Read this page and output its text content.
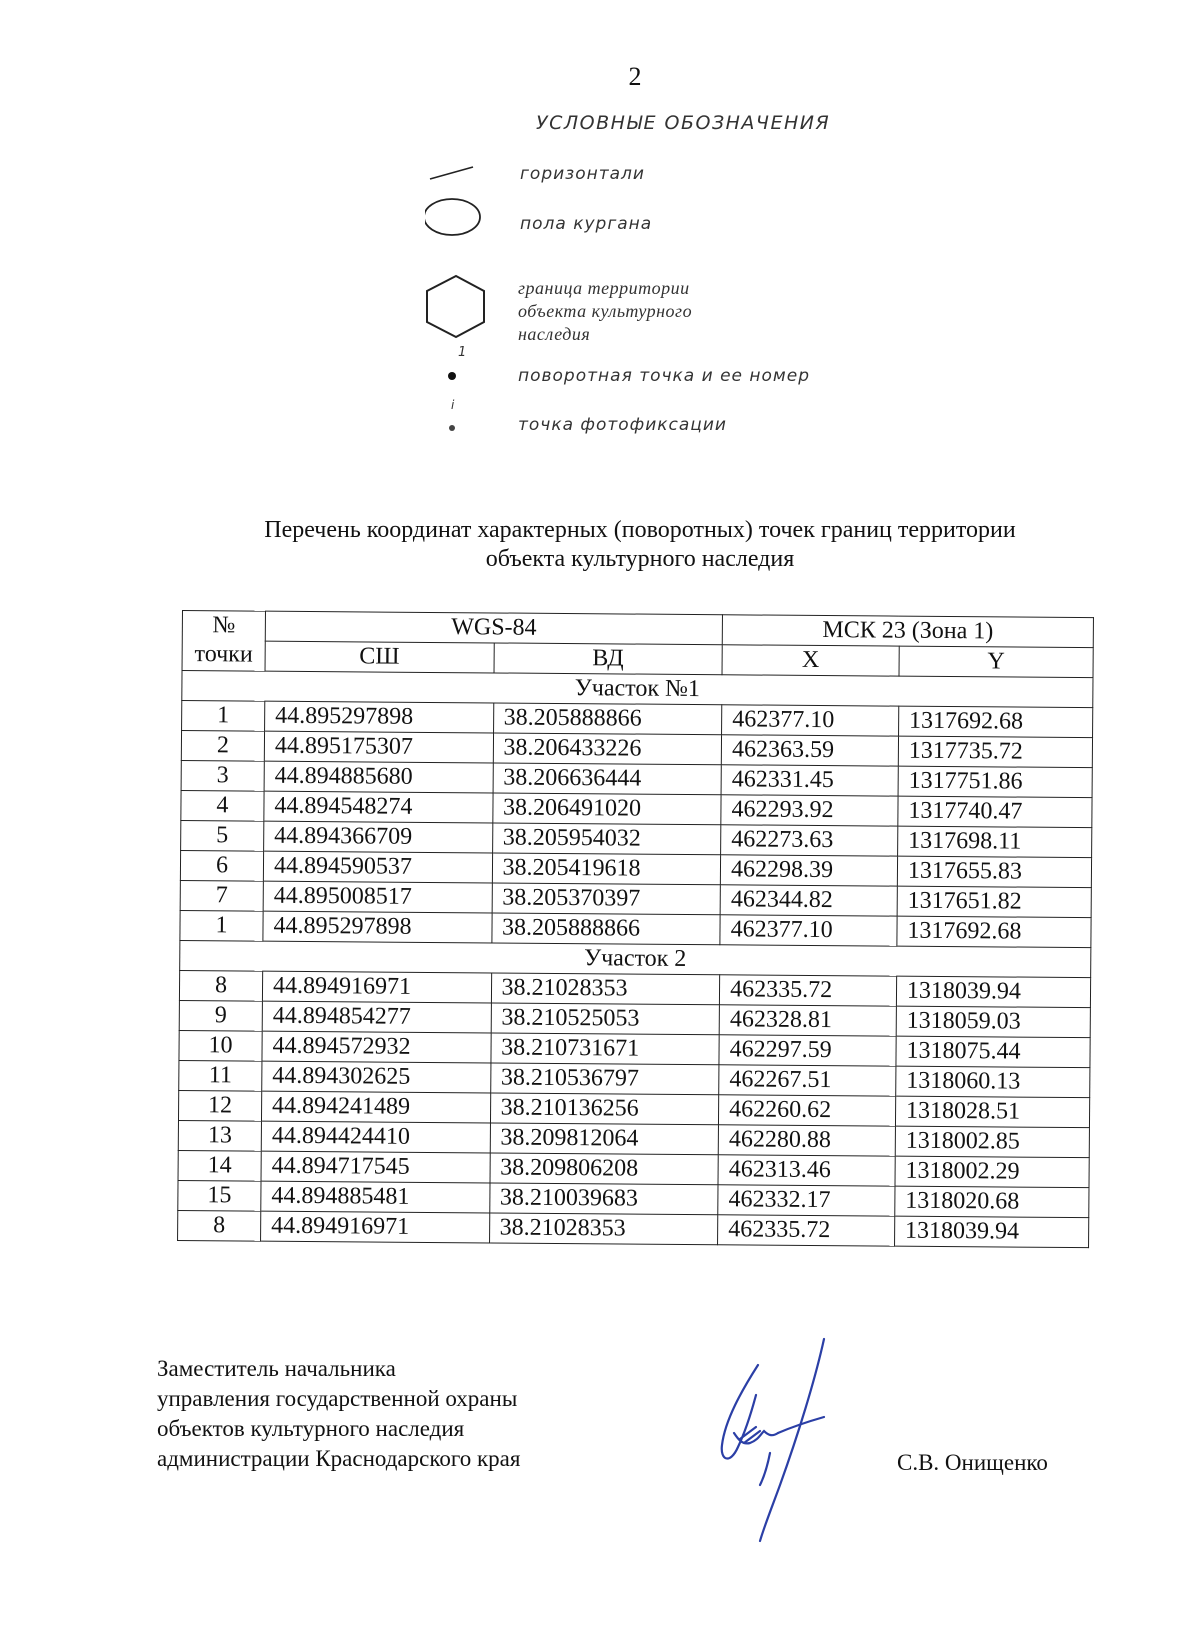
2
УСЛОВНЫЕ ОБОЗНАЧЕНИЯ
горизонтали
пола кургана
граница территории
объекта культурного
наследия
1
поворотная точка и ее номер
i
точка фотофиксации
Перечень координат характерных (поворотных) точек границ территории
объекта культурного наследия
№
точки	WGS-84		МСК 23 (Зона 1)	
	СШ	ВД	X	Y
Участок №1				
1	44.895297898	38.205888866	462377.10	1317692.68
2	44.895175307	38.206433226	462363.59	1317735.72
3	44.894885680	38.206636444	462331.45	1317751.86
4	44.894548274	38.206491020	462293.92	1317740.47
5	44.894366709	38.205954032	462273.63	1317698.11
6	44.894590537	38.205419618	462298.39	1317655.83
7	44.895008517	38.205370397	462344.82	1317651.82
1	44.895297898	38.205888866	462377.10	1317692.68
Участок 2				
8	44.894916971	38.21028353	462335.72	1318039.94
9	44.894854277	38.210525053	462328.81	1318059.03
10	44.894572932	38.210731671	462297.59	1318075.44
11	44.894302625	38.210536797	462267.51	1318060.13
12	44.894241489	38.210136256	462260.62	1318028.51
13	44.894424410	38.209812064	462280.88	1318002.85
14	44.894717545	38.209806208	462313.46	1318002.29
15	44.894885481	38.210039683	462332.17	1318020.68
8	44.894916971	38.21028353	462335.72	1318039.94
Заместитель начальника
управления государственной охраны
объектов культурного наследия
администрации Краснодарского края	С.В. Онищенко
